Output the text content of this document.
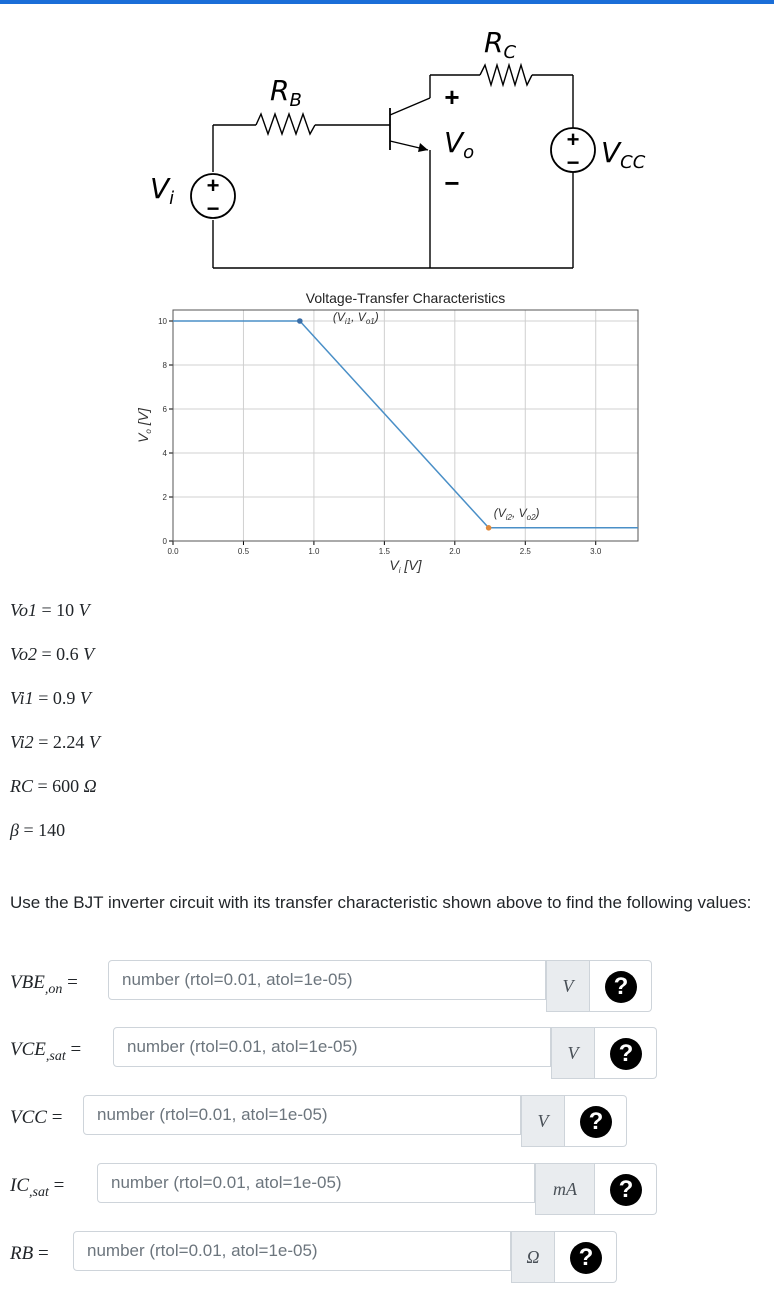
+
−
+
−
+
−
$R_B$
$R_C$
$V_i$
$V_o$	$V_{CC}$
0.0	0.5	1.0	1.5	2.0	2.5	3.0
0
2
4
6
8
10	($V_{i1}$, $V_{o1}$)
($V_{i2}$, $V_{o2}$)
Voltage-Transfer Characteristics
$V_i$ [V]
$V_o$ [V]
Vo1 = 10 V
Vo2 = 0.6 V
Vi1 = 0.9 V
Vi2 = 2.24 V
RC = 600 Ω
β = 140
Use the BJT inverter circuit with its transfer characteristic shown above to find the following values:
$VBE_{,on}$ =	number (rtol=0.01, atol=1e-05)	V	?
$VCE_{,sat}$ =	number (rtol=0.01, atol=1e-05)	V	?
VCC =	number (rtol=0.01, atol=1e-05)	V	?
$IC_{,sat}$ =	number (rtol=0.01, atol=1e-05)	mA	?
RB =	number (rtol=0.01, atol=1e-05)	Ω	?
